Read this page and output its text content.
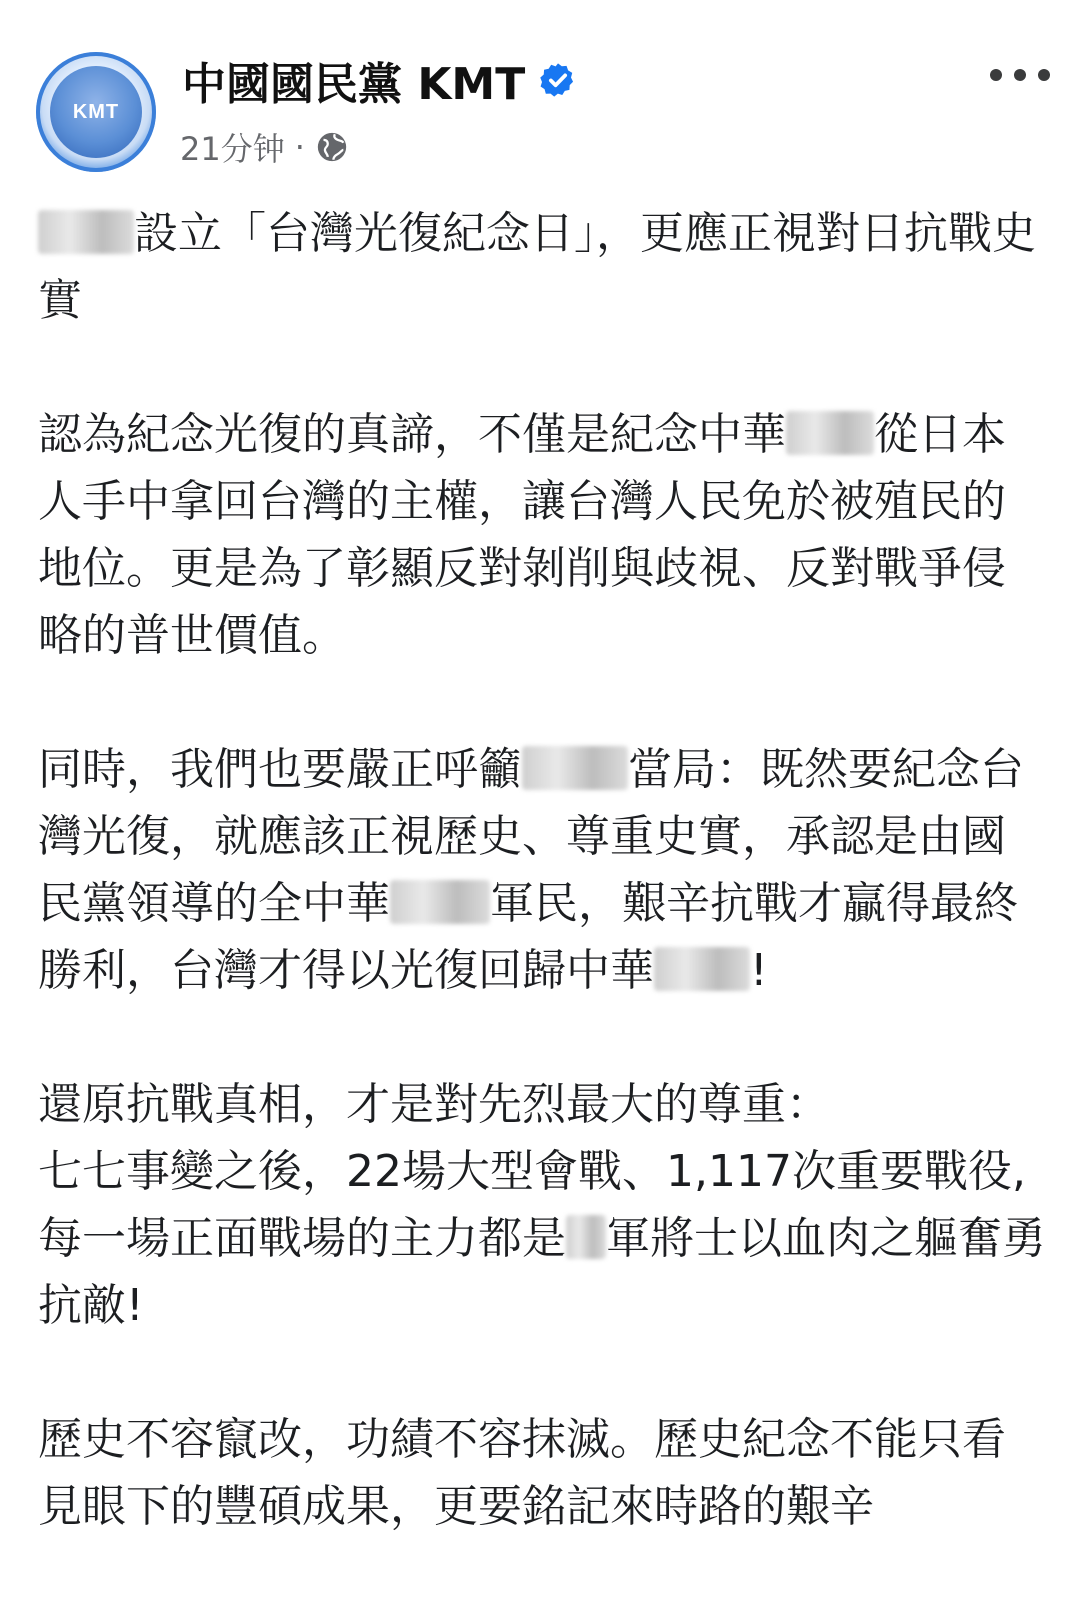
KMT
中國國民黨 KMT
21分钟 ·

設立「台灣光復紀念日」，更應正視對日抗戰史實

認為紀念光復的真諦，不僅是紀念中華 從日本人手中拿回台灣的主權，讓台灣人民免於被殖民的地位。更是為了彰顯反對剝削與歧視、反對戰爭侵略的普世價值。

同時，我們也要嚴正呼籲 當局：既然要紀念台灣光復，就應該正視歷史、尊重史實，承認是由國民黨領導的全中華 軍民，艱辛抗戰才贏得最終勝利，台灣才得以光復回歸中華 !

還原抗戰真相，才是對先烈最大的尊重：
七七事變之後，22場大型會戰、1,117次重要戰役,每一場正面戰場的主力都是 軍將士以血肉之軀奮勇抗敵!

歷史不容竄改，功績不容抹滅。歷史紀念不能只看見眼下的豐碩成果，更要銘記來時路的艱辛
